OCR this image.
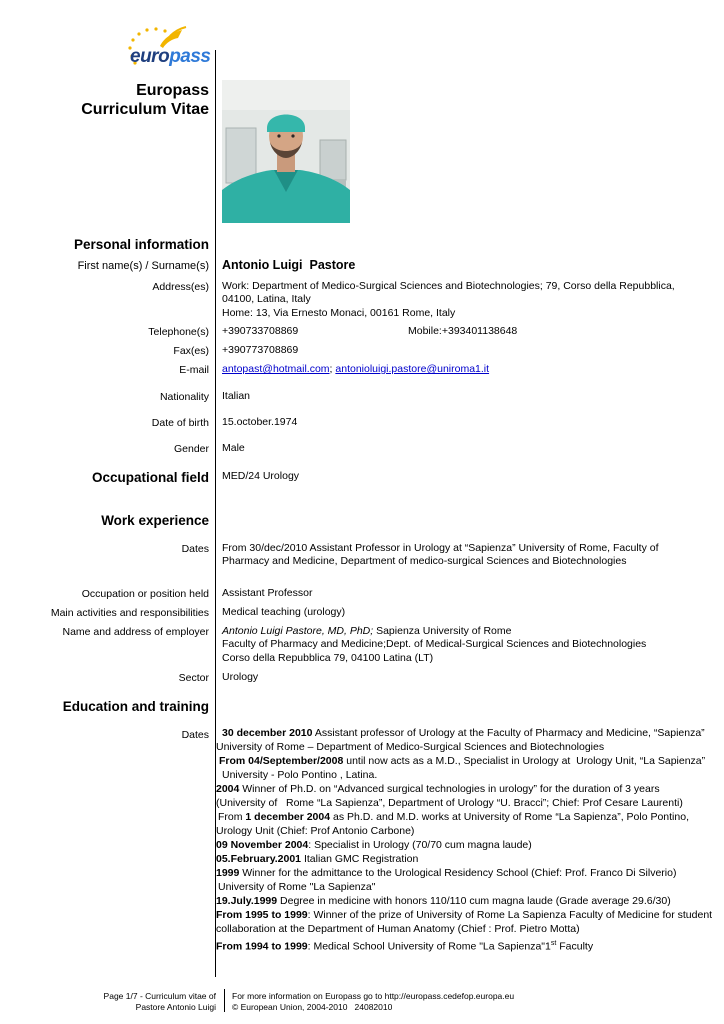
europass
Europass
Curriculum Vitae
Personal information
First name(s) / Surname(s) Antonio Luigi  Pastore
Address(es) Work: Department of Medico-Surgical Sciences and Biotechnologies; 79, Corso della Repubblica, 04100, Latina, Italy
Home: 13, Via Ernesto Monaci, 00161 Rome, Italy
Telephone(s) +390733708869	Mobile:+393401138648
Fax(es) +390773708869
E-mail antopast@hotmail.com; antonioluigi.pastore@uniroma1.it
Nationality Italian
Date of birth 15.october.1974
Gender Male
Occupational field MED/24 Urology
Work experience
Dates From 30/dec/2010 Assistant Professor in Urology at “Sapienza” University of Rome, Faculty of Pharmacy and Medicine, Department of medico-surgical Sciences and Biotechnologies
Occupation or position held Assistant Professor
Main activities and responsibilities Medical teaching (urology)
Name and address of employer Antonio Luigi Pastore, MD, PhD; Sapienza University of Rome
Faculty of Pharmacy and Medicine;Dept. of Medical-Surgical Sciences and Biotechnologies
Corso della Repubblica 79, 04100 Latina (LT)
Sector Urology
Education and training
Dates 30 december 2010 Assistant professor of Urology at the Faculty of Pharmacy and Medicine, “Sapienza”
University of Rome – Department of Medico-Surgical Sciences and Biotechnologies
From 04/September/2008 until now acts as a M.D., Specialist in Urology at  Urology Unit, “La Sapienza”
University - Polo Pontino , Latina.
2004 Winner of Ph.D. on “Advanced surgical technologies in urology” for the duration of 3 years
(University of   Rome “La Sapienza”, Department of Urology “U. Bracci”; Chief: Prof Cesare Laurenti)
From 1 december 2004 as Ph.D. and M.D. works at University of Rome “La Sapienza”, Polo Pontino,
Urology Unit (Chief: Prof Antonio Carbone)
09 November 2004: Specialist in Urology (70/70 cum magna laude)
05.February.2001 Italian GMC Registration
1999 Winner for the admittance to the Urological Residency School (Chief: Prof. Franco Di Silverio)
University of Rome "La Sapienza"
19.July.1999 Degree in medicine with honors 110/110 cum magna laude (Grade average 29.6/30)
From 1995 to 1999: Winner of the prize of University of Rome La Sapienza Faculty of Medicine for student
collaboration at the Department of Human Anatomy (Chief : Prof. Pietro Motta)
From 1994 to 1999: Medical School University of Rome "La Sapienza"1st Faculty
Page 1/7 - Curriculum vitae of
Pastore Antonio Luigi
For more information on Europass go to http://europass.cedefop.europa.eu
© European Union, 2004-2010   24082010
